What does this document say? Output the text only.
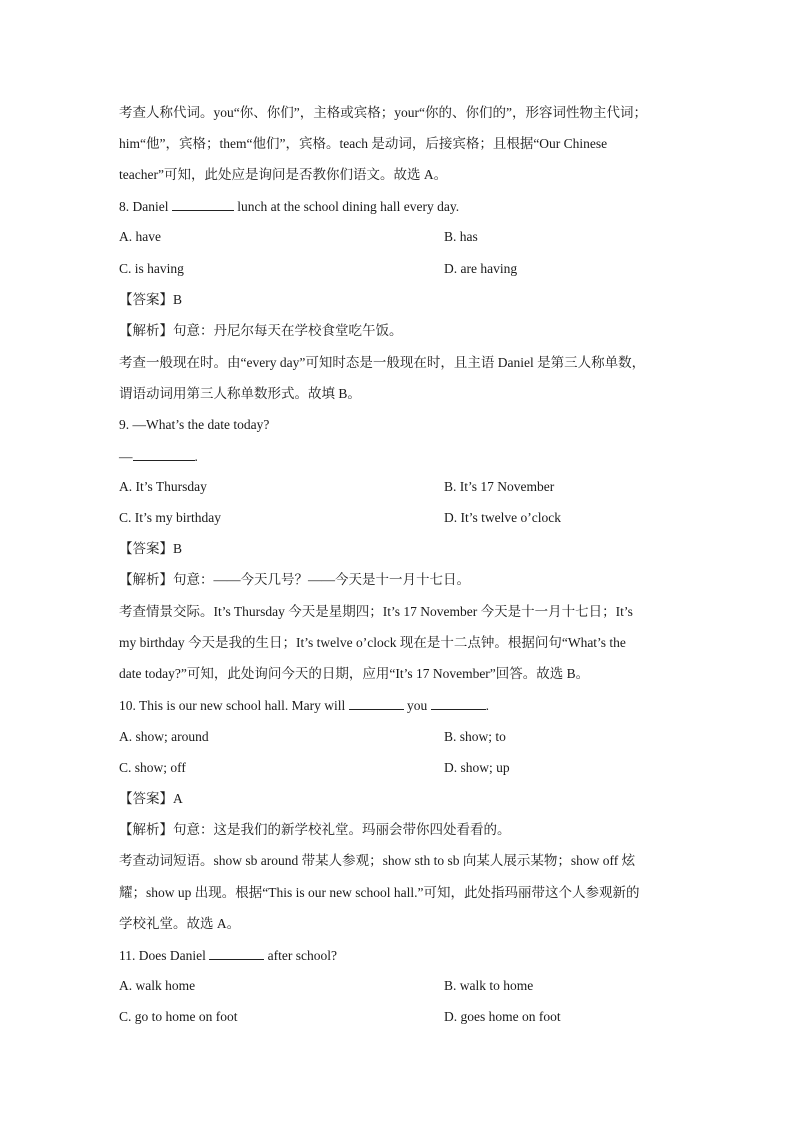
考查人称代词。you“你、你们”，主格或宾格；your“你的、你们的”，形容词性物主代词；
him“他”，宾格；them“他们”，宾格。teach 是动词，后接宾格；且根据“Our Chinese
teacher”可知，此处应是询问是否教你们语文。故选 A。
8. Daniel	lunch at the school dining hall every day.
A. have	B. has
C. is having	D. are having
【答案】B
【解析】句意：丹尼尔每天在学校食堂吃午饭。
考查一般现在时。由“every day”可知时态是一般现在时，且主语 Daniel 是第三人称单数，
谓语动词用第三人称单数形式。故填 B。
9. —What’s the date today?
—	.
A. It’s Thursday	B. It’s 17 November
C. It’s my birthday	D. It’s twelve o’clock
【答案】B
【解析】句意：——今天几号？——今天是十一月十七日。
考查情景交际。It’s Thursday 今天是星期四；It’s 17 November 今天是十一月十七日；It’s
my birthday 今天是我的生日；It’s twelve o’clock 现在是十二点钟。根据问句“What’s the
date today?”可知，此处询问今天的日期，应用“It’s 17 November”回答。故选 B。
10. This is our new school hall. Mary will	you	.
A. show; around	B. show; to
C. show; off	D. show; up
【答案】A
【解析】句意：这是我们的新学校礼堂。玛丽会带你四处看看的。
考查动词短语。show sb around 带某人参观；show sth to sb 向某人展示某物；show off 炫
耀；show up 出现。根据“This is our new school hall.”可知，此处指玛丽带这个人参观新的
学校礼堂。故选 A。
11. Does Daniel	after school?
A. walk home	B. walk to home
C. go to home on foot	D. goes home on foot
